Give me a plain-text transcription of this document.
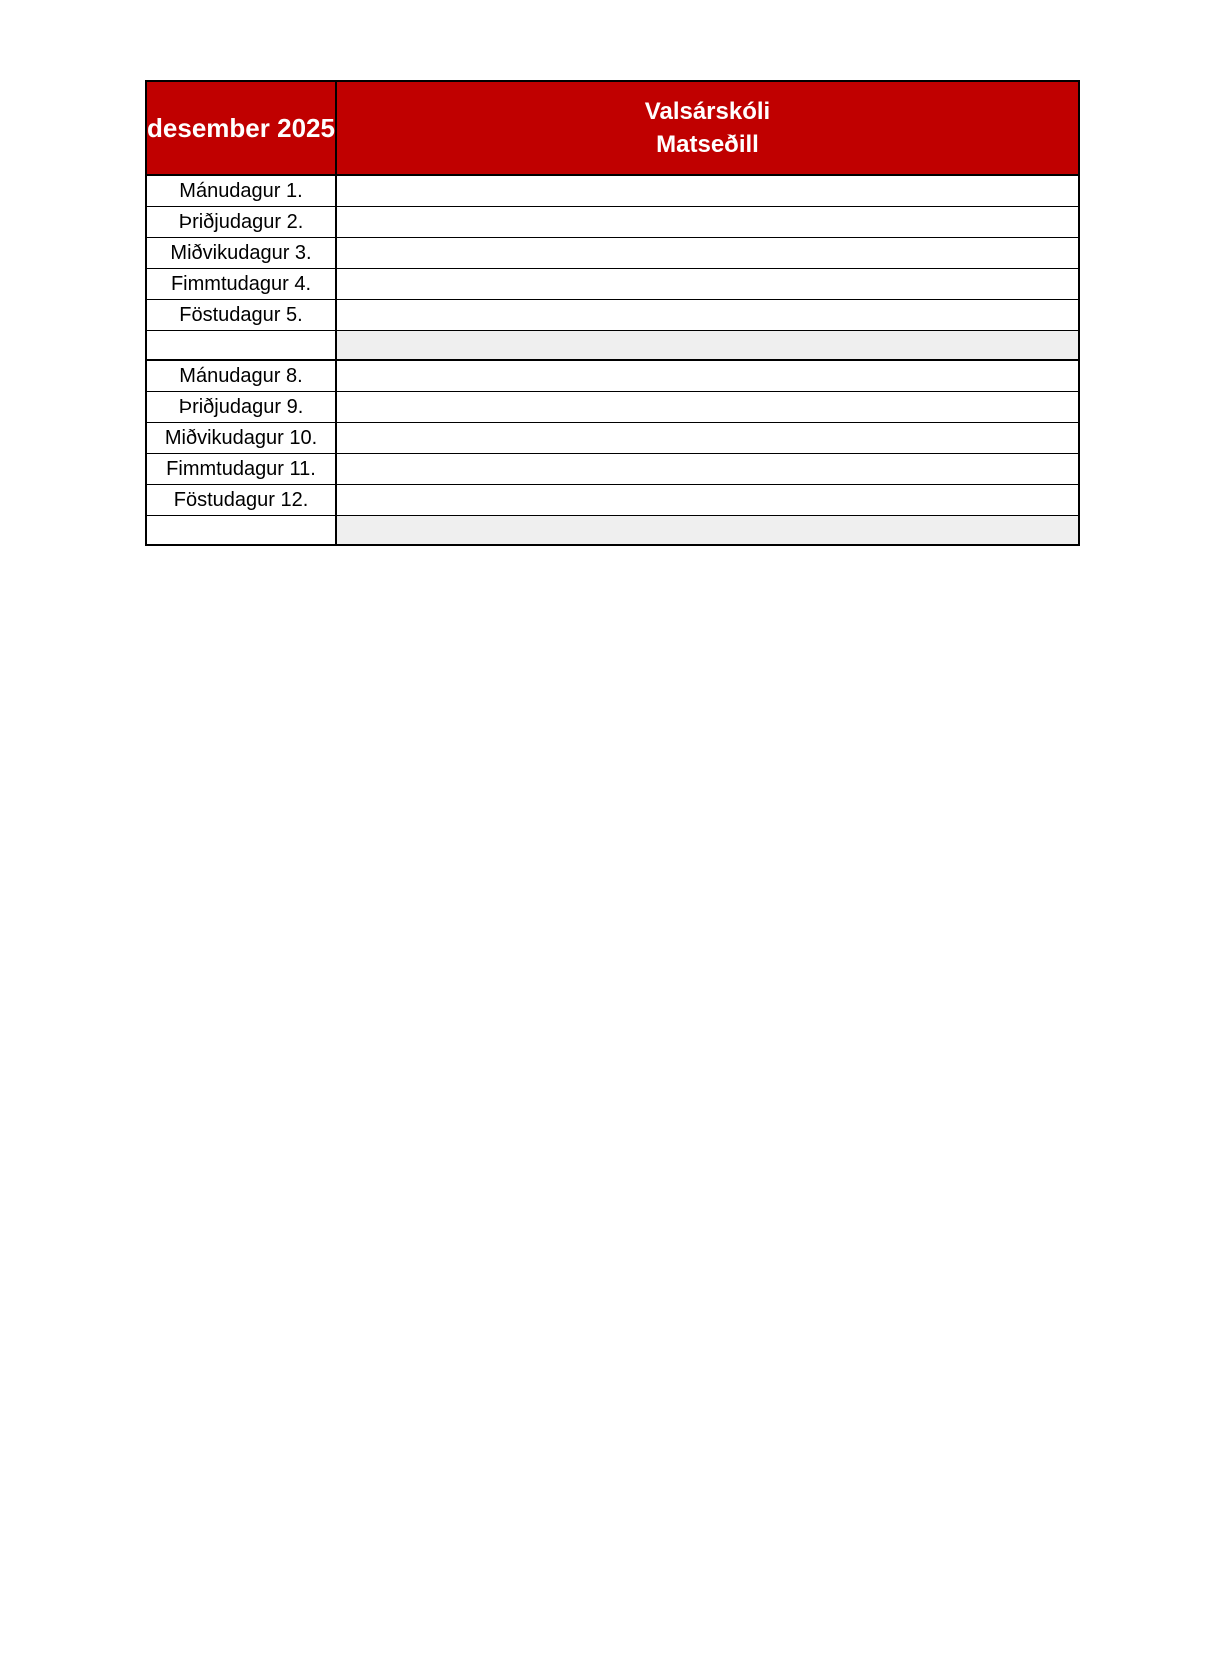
desember 2025	Valsárskóli
Matseðill

Mánudagur 1.	
Þriðjudagur 2.	
Miðvikudagur 3.	
Fimmtudagur 4.	
Föstudagur 5.	

Mánudagur 8.	
Þriðjudagur 9.	
Miðvikudagur 10.	
Fimmtudagur 11.	
Föstudagur 12.	
